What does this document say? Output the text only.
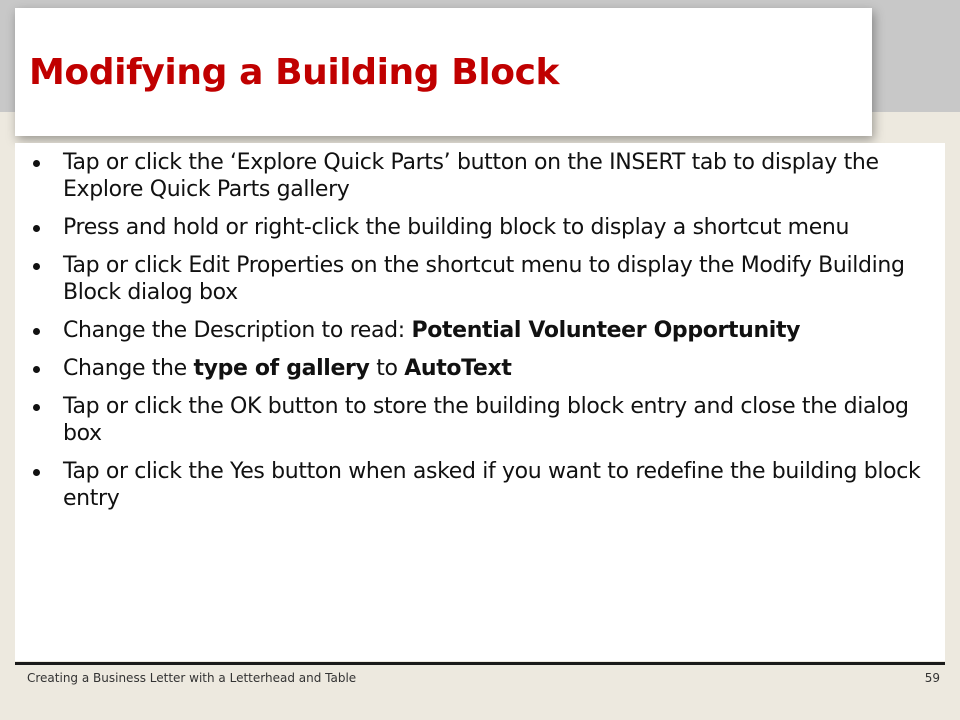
Modifying a Building Block
Tap or click the ‘Explore Quick Parts’ button on the INSERT tab to display the Explore Quick Parts gallery
Press and hold or right-click the building block to display a shortcut menu
Tap or click Edit Properties on the shortcut menu to display the Modify Building Block dialog box
Change the Description to read: Potential Volunteer Opportunity
Change the type of gallery to AutoText
Tap or click the OK button to store the building block entry and close the dialog box
Tap or click the Yes button when asked if you want to redefine the building block entry
Creating a Business Letter with a Letterhead and Table	59
